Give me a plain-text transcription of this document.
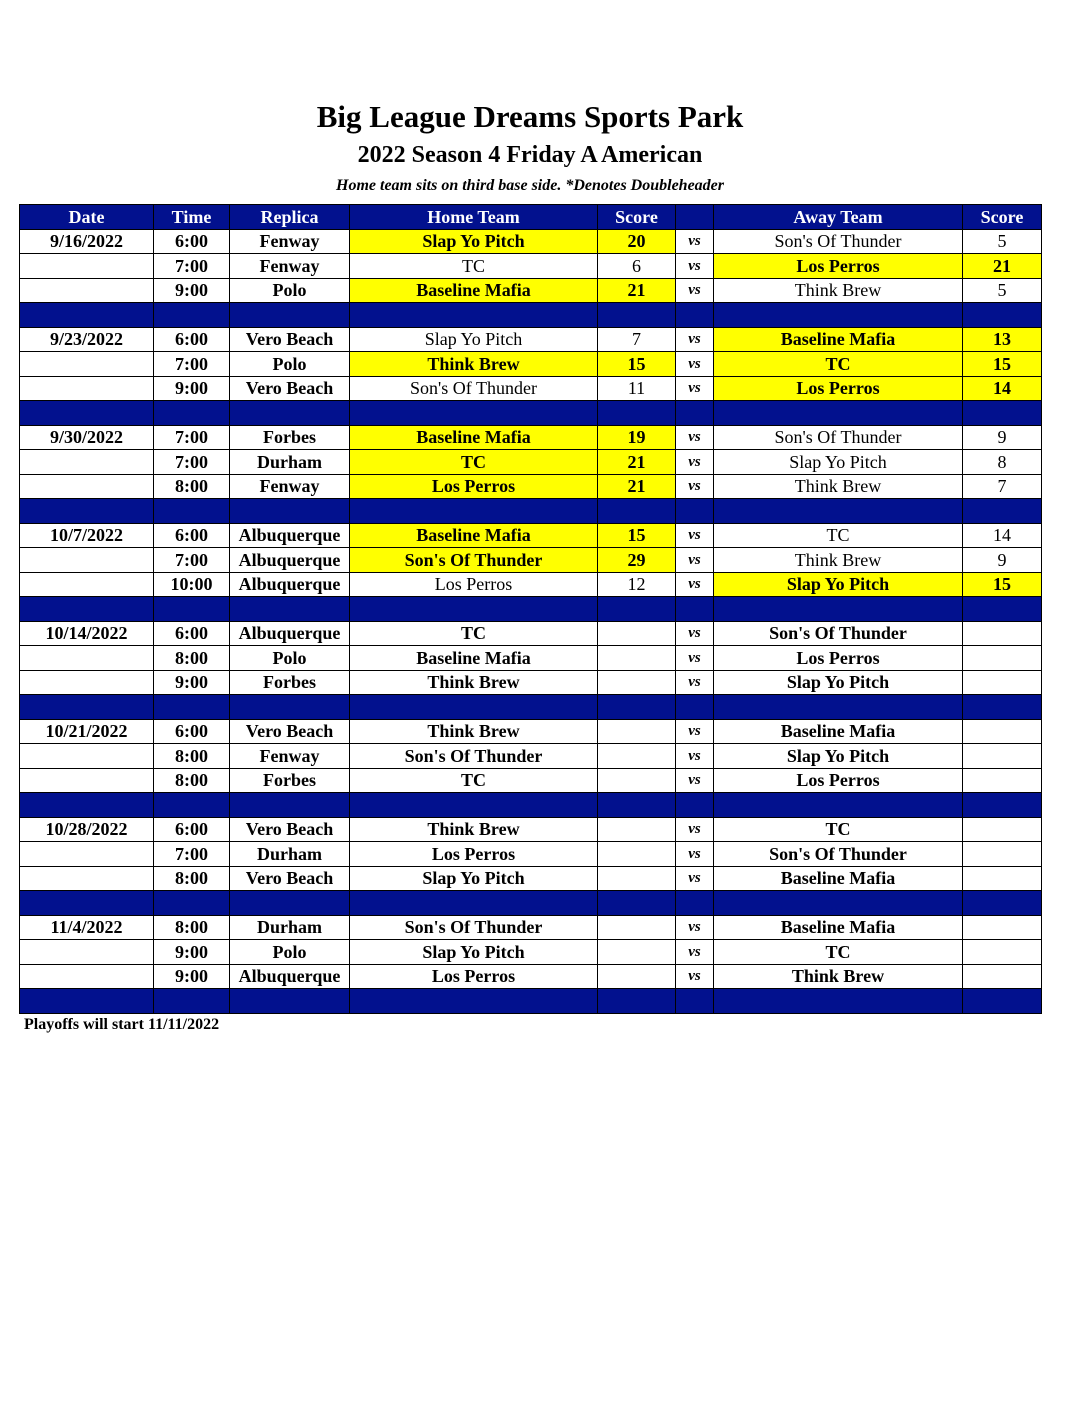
Big League Dreams Sports Park
2022 Season 4 Friday A American
Home team sits on third base side. *Denotes Doubleheader
Date	Time	Replica	Home Team	Score		Away Team	Score
9/16/2022	6:00	Fenway	Slap Yo Pitch	20	vs	Son's Of Thunder	5
	7:00	Fenway	TC	6	vs	Los Perros	21
	9:00	Polo	Baseline Mafia	21	vs	Think Brew	5

9/23/2022	6:00	Vero Beach	Slap Yo Pitch	7	vs	Baseline Mafia	13
	7:00	Polo	Think Brew	15	vs	TC	15
	9:00	Vero Beach	Son's Of Thunder	11	vs	Los Perros	14

9/30/2022	7:00	Forbes	Baseline Mafia	19	vs	Son's Of Thunder	9
	7:00	Durham	TC	21	vs	Slap Yo Pitch	8
	8:00	Fenway	Los Perros	21	vs	Think Brew	7

10/7/2022	6:00	Albuquerque	Baseline Mafia	15	vs	TC	14
	7:00	Albuquerque	Son's Of Thunder	29	vs	Think Brew	9
	10:00	Albuquerque	Los Perros	12	vs	Slap Yo Pitch	15

10/14/2022	6:00	Albuquerque	TC		vs	Son's Of Thunder	
	8:00	Polo	Baseline Mafia		vs	Los Perros	
	9:00	Forbes	Think Brew		vs	Slap Yo Pitch	

10/21/2022	6:00	Vero Beach	Think Brew		vs	Baseline Mafia	
	8:00	Fenway	Son's Of Thunder		vs	Slap Yo Pitch	
	8:00	Forbes	TC		vs	Los Perros	

10/28/2022	6:00	Vero Beach	Think Brew		vs	TC	
	7:00	Durham	Los Perros		vs	Son's Of Thunder	
	8:00	Vero Beach	Slap Yo Pitch		vs	Baseline Mafia	

11/4/2022	8:00	Durham	Son's Of Thunder		vs	Baseline Mafia	
	9:00	Polo	Slap Yo Pitch		vs	TC	
	9:00	Albuquerque	Los Perros		vs	Think Brew	

Playoffs will start 11/11/2022
